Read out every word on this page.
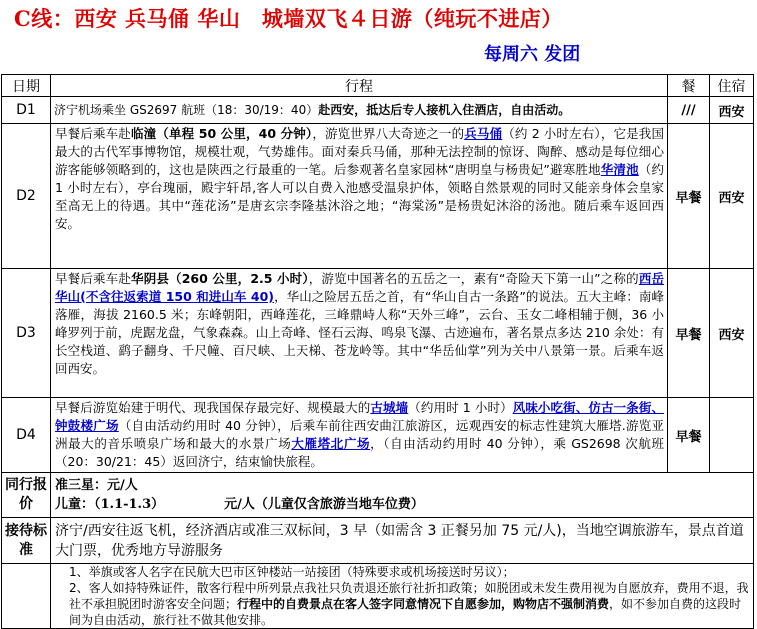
C线：西安 兵马俑 华山　城墙双飞４日游（纯玩不进店）
每周六 发团
日期	行程	餐	住宿
D1	济宁机场乘坐 GS2697 航班（18：30/19：40）赴西安，抵达后专人接机入住酒店，自由活动。	///	西安
D2	早餐后乘车赴临潼（单程 50 公里，40 分钟），游览世界八大奇迹之一的兵马俑（约 2 小时左右），它是我国最大的古代军事博物馆，规模壮观，气势雄伟。面对秦兵马俑，那种无法控制的惊讶、陶醉、感动是每位细心游客能够领略到的，这也是陕西之行最重的一笔。后参观著名皇家园林“唐明皇与杨贵妃”避寒胜地华清池（约 1 小时左右），亭台瑰丽，殿宇轩昂,客人可以自费入池感受温泉护体，领略自然景观的同时又能亲身体会皇家至高无上的待遇。其中“莲花汤”是唐玄宗李隆基沐浴之地；“海棠汤”是杨贵妃沐浴的汤池。随后乘车返回西安。	早餐	西安
D3	早餐后乘车赴华阴县（260 公里，2.5 小时），游览中国著名的五岳之一，素有“奇险天下第一山”之称的西岳华山(不含往返索道 150 和进山车 40)，华山之险居五岳之首，有“华山自古一条路”的说法。五大主峰：南峰落雁，海拔 2160.5 米；东峰朝阳，西峰莲花，三峰鼎峙人称“天外三峰”，云台、玉女二峰相辅于侧，36 小峰罗列于前，虎踞龙盘，气象森森。山上奇峰、怪石云海、鸣泉飞瀑、古迹遍布，著名景点多达 210 余处：有长空栈道、鹞子翻身、千尺幢、百尺峡、上天梯、苍龙岭等。其中“华岳仙掌”列为关中八景第一景。后乘车返回西安。	早餐	西安
D4	早餐后游览始建于明代、现我国保存最完好、规模最大的古城墙（约用时 1 小时）风味小吃街、仿古一条街、钟鼓楼广场（自由活动约用时 40 分钟），后乘车前往西安曲江旅游区，远观西安的标志性建筑大雁塔.游览亚洲最大的音乐喷泉广场和最大的水景广场大雁塔北广场，（自由活动约用时 40 分钟），乘 GS2698 次航班（20：30/21：45）返回济宁，结束愉快旅程。	早餐	
同行报价	准三星：元/人
儿童：（1.1-1.3） 元/人（儿童仅含旅游当地车位费）		

接待标准	济宁/西安往返飞机，经济酒店或准三双标间，3 早（如需含 3 正餐另加 75 元/人)，当地空调旅游车，景点首道大门票，优秀地方导游服务		

	1、举旗或客人名字在民航大巴市区钟楼站一站接团（特殊要求或机场接送时另议）；

2、客人如持特殊证件，散客行程中所列景点我社只负责退还旅行社折扣政策；如脱团或未发生费用视为自愿放弃，费用不退，我社不承担脱团时游客安全问题；行程中的自费景点在客人签字同意情况下自愿参加，购物店不强制消费，如不参加自费的这段时间为自由活动，旅行社不做其他安排。		
